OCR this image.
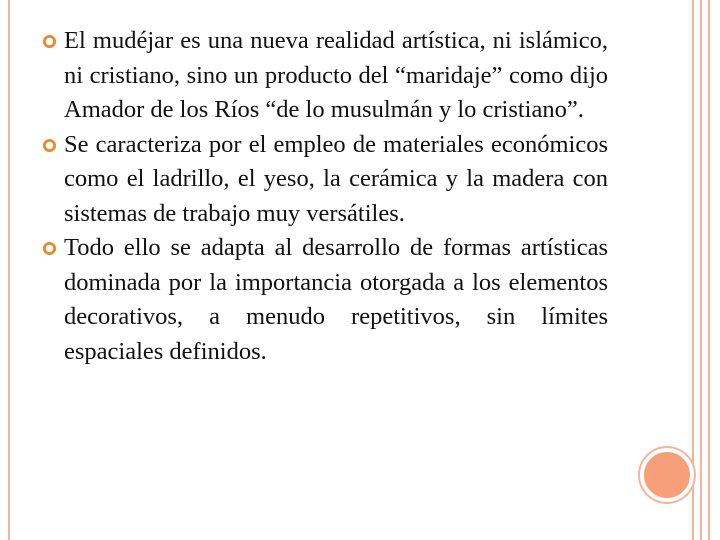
El mudéjar es una nueva realidad artística, ni islámico, ni cristiano, sino un producto del “maridaje” como dijo Amador de los Ríos “de lo musulmán y lo cristiano”.

Se caracteriza por el empleo de materiales económicos como el ladrillo, el yeso, la cerámica y la madera con sistemas de trabajo muy versátiles.

Todo ello se adapta al desarrollo de formas artísticas dominada por la importancia otorgada a los elementos decorativos, a menudo repetitivos, sin límites espaciales definidos.
